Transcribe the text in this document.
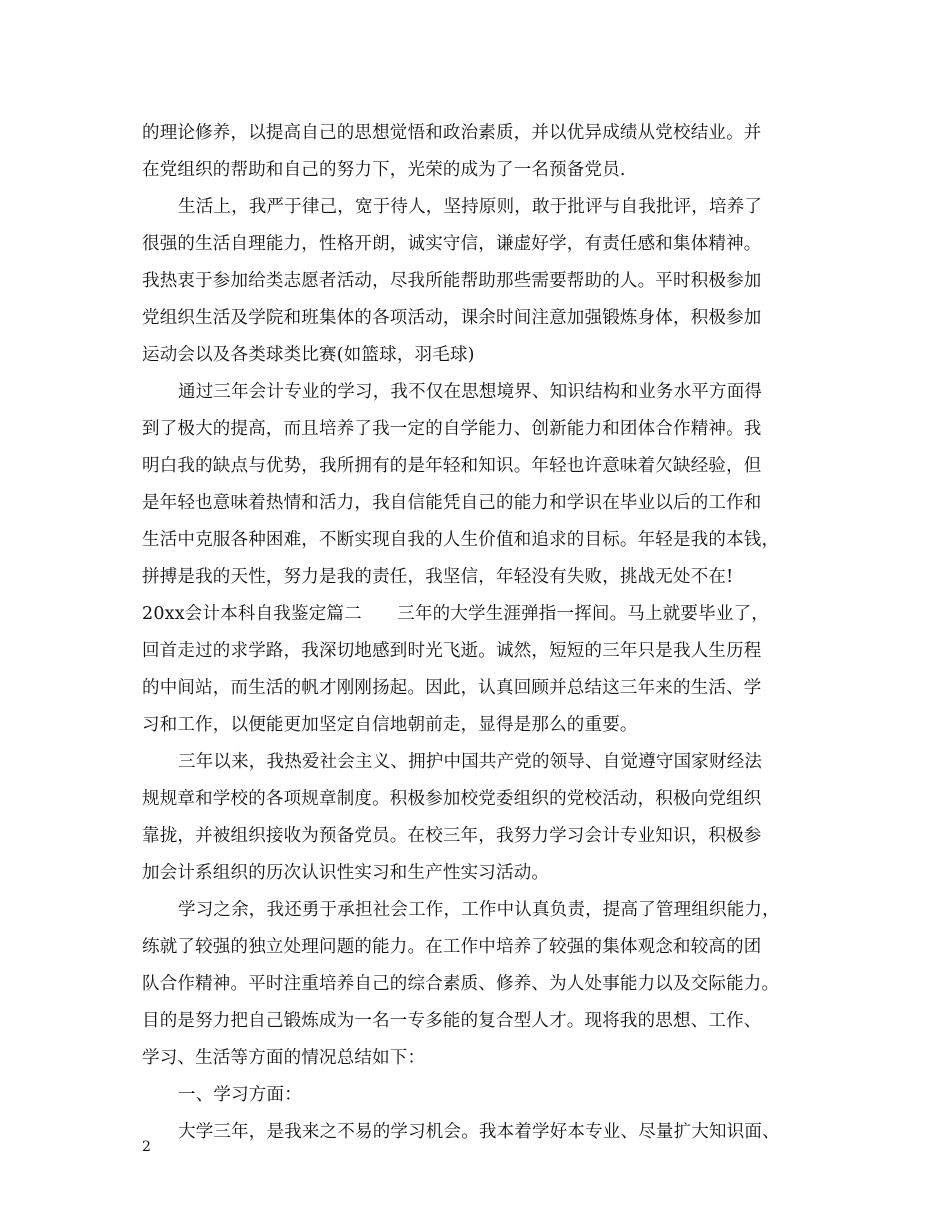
的理论修养，以提高自己的思想觉悟和政治素质，并以优异成绩从党校结业。并
在党组织的帮助和自己的努力下，光荣的成为了一名预备党员.
生活上，我严于律己，宽于待人，坚持原则，敢于批评与自我批评，培养了
很强的生活自理能力，性格开朗，诚实守信，谦虚好学，有责任感和集体精神。
我热衷于参加给类志愿者活动，尽我所能帮助那些需要帮助的人。平时积极参加
党组织生活及学院和班集体的各项活动，课余时间注意加强锻炼身体，积极参加
运动会以及各类球类比赛(如篮球，羽毛球)
通过三年会计专业的学习，我不仅在思想境界、知识结构和业务水平方面得
到了极大的提高，而且培养了我一定的自学能力、创新能力和团体合作精神。我
明白我的缺点与优势，我所拥有的是年轻和知识。年轻也许意味着欠缺经验，但
是年轻也意味着热情和活力，我自信能凭自己的能力和学识在毕业以后的工作和
生活中克服各种困难，不断实现自我的人生价值和追求的目标。年轻是我的本钱，
拼搏是我的天性，努力是我的责任，我坚信，年轻没有失败，挑战无处不在!
20xx会计本科自我鉴定篇二　　三年的大学生涯弹指一挥间。马上就要毕业了，
回首走过的求学路，我深切地感到时光飞逝。诚然，短短的三年只是我人生历程
的中间站，而生活的帆才刚刚扬起。因此，认真回顾并总结这三年来的生活、学
习和工作，以便能更加坚定自信地朝前走，显得是那么的重要。
三年以来，我热爱社会主义、拥护中国共产党的领导、自觉遵守国家财经法
规规章和学校的各项规章制度。积极参加校党委组织的党校活动，积极向党组织
靠拢，并被组织接收为预备党员。在校三年，我努力学习会计专业知识，积极参
加会计系组织的历次认识性实习和生产性实习活动。
学习之余，我还勇于承担社会工作，工作中认真负责，提高了管理组织能力，
练就了较强的独立处理问题的能力。在工作中培养了较强的集体观念和较高的团
队合作精神。平时注重培养自己的综合素质、修养、为人处事能力以及交际能力。
目的是努力把自己锻炼成为一名一专多能的复合型人才。现将我的思想、工作、
学习、生活等方面的情况总结如下：
一、学习方面：
大学三年，是我来之不易的学习机会。我本着学好本专业、尽量扩大知识面、
2
